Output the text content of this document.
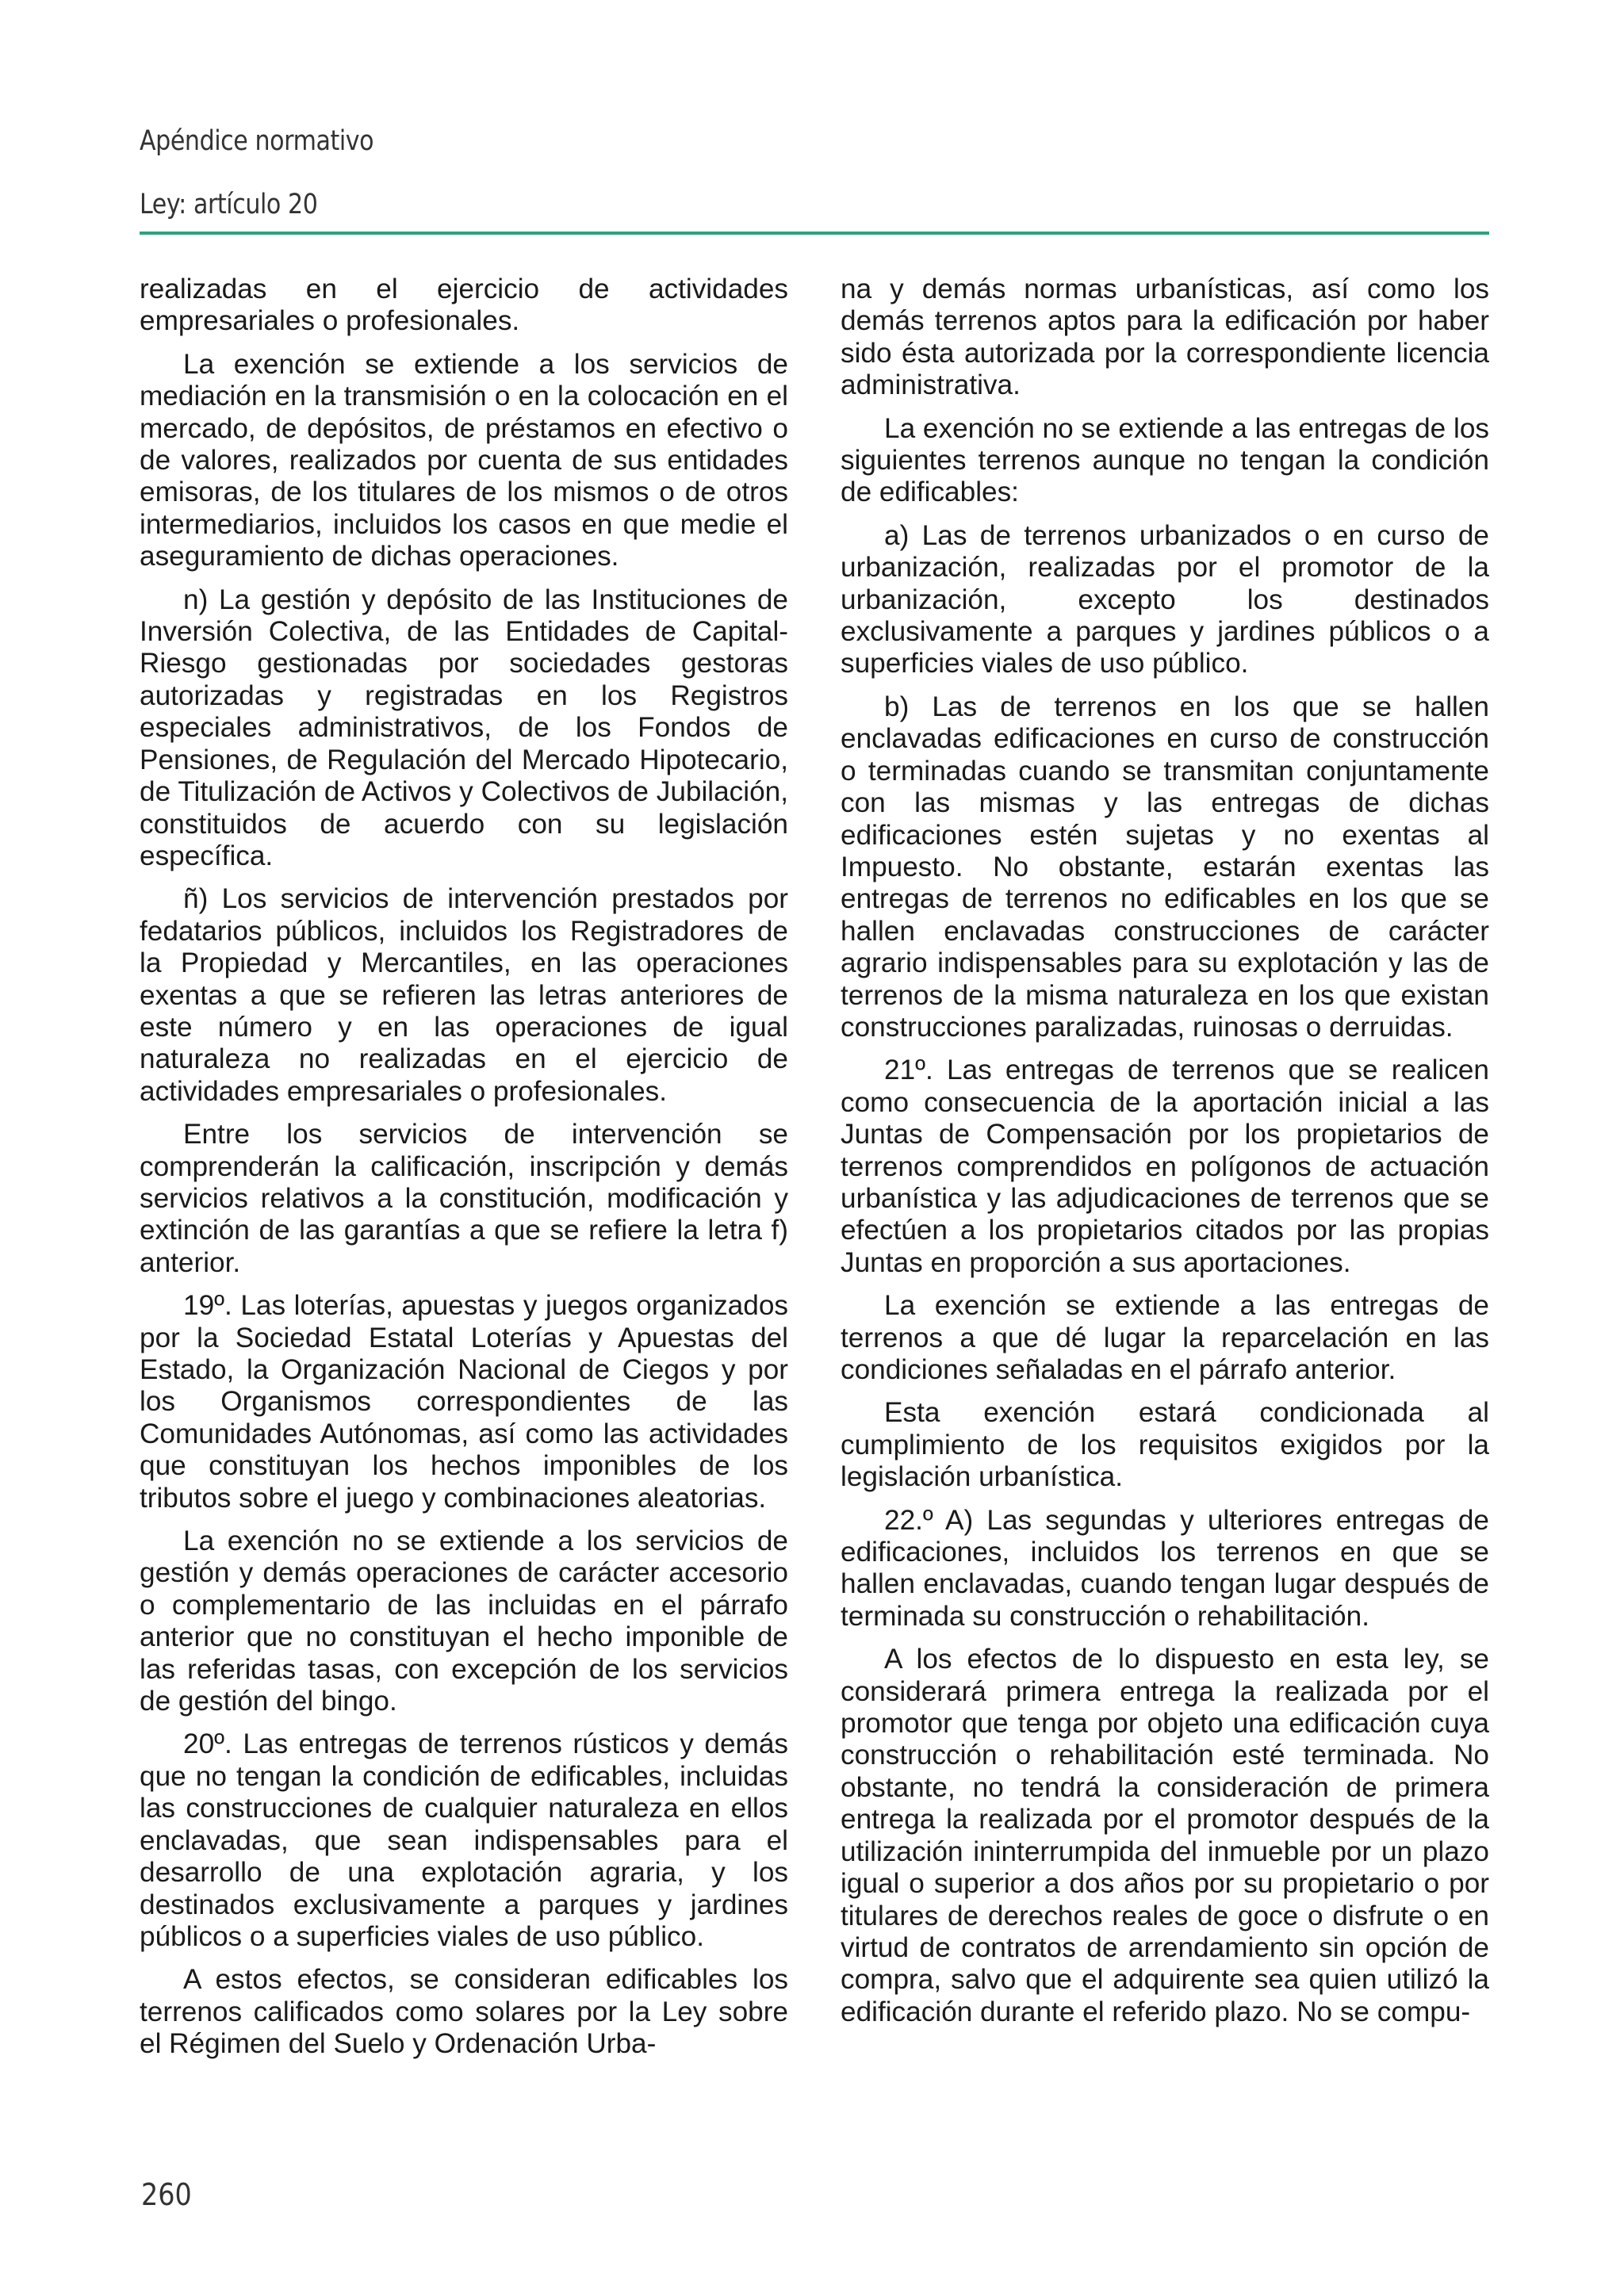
Apéndice normativo
Ley: artículo 20

realizadas en el ejercicio de actividades empresariales o profesionales.

La exención se extiende a los servicios de mediación en la transmisión o en la colocación en el mercado, de depósitos, de préstamos en efectivo o de valores, realizados por cuenta de sus entidades emisoras, de los titulares de los mismos o de otros intermediarios, incluidos los casos en que medie el aseguramiento de dichas operaciones.

n) La gestión y depósito de las Instituciones de Inversión Colectiva, de las Entidades de Capital-Riesgo gestionadas por sociedades gestoras autorizadas y registradas en los Registros especiales administrativos, de los Fondos de Pensiones, de Regulación del Mercado Hipotecario, de Titulización de Activos y Colectivos de Jubilación, constituidos de acuerdo con su legislación específica.

ñ) Los servicios de intervención prestados por fedatarios públicos, incluidos los Registradores de la Propiedad y Mercantiles, en las operaciones exentas a que se refieren las letras anteriores de este número y en las operaciones de igual naturaleza no realizadas en el ejercicio de actividades empresariales o profesionales.

Entre los servicios de intervención se comprenderán la calificación, inscripción y demás servicios relativos a la constitución, modificación y extinción de las garantías a que se refiere la letra f) anterior.

19º. Las loterías, apuestas y juegos organizados por la Sociedad Estatal Loterías y Apuestas del Estado, la Organización Nacional de Ciegos y por los Organismos correspondientes de las Comunidades Autónomas, así como las actividades que constituyan los hechos imponibles de los tributos sobre el juego y combinaciones aleatorias.

La exención no se extiende a los servicios de gestión y demás operaciones de carácter accesorio o complementario de las incluidas en el párrafo anterior que no constituyan el hecho imponible de las referidas tasas, con excepción de los servicios de gestión del bingo.

20º. Las entregas de terrenos rústicos y demás que no tengan la condición de edificables, incluidas las construcciones de cualquier naturaleza en ellos enclavadas, que sean indispensables para el desarrollo de una explotación agraria, y los destinados exclusivamente a parques y jardines públicos o a superficies viales de uso público.

A estos efectos, se consideran edificables los terrenos calificados como solares por la Ley sobre el Régimen del Suelo y Ordenación Urba-

na y demás normas urbanísticas, así como los demás terrenos aptos para la edificación por haber sido ésta autorizada por la correspondiente licencia administrativa.

La exención no se extiende a las entregas de los siguientes terrenos aunque no tengan la condición de edificables:

a) Las de terrenos urbanizados o en curso de urbanización, realizadas por el promotor de la urbanización, excepto los destinados exclusivamente a parques y jardines públicos o a superficies viales de uso público.

b) Las de terrenos en los que se hallen enclavadas edificaciones en curso de construcción o terminadas cuando se transmitan conjuntamente con las mismas y las entregas de dichas edificaciones estén sujetas y no exentas al Impuesto. No obstante, estarán exentas las entregas de terrenos no edificables en los que se hallen enclavadas construcciones de carácter agrario indispensables para su explotación y las de terrenos de la misma naturaleza en los que existan construcciones paralizadas, ruinosas o derruidas.

21º. Las entregas de terrenos que se realicen como consecuencia de la aportación inicial a las Juntas de Compensación por los propietarios de terrenos comprendidos en polígonos de actuación urbanística y las adjudicaciones de terrenos que se efectúen a los propietarios citados por las propias Juntas en proporción a sus aportaciones.

La exención se extiende a las entregas de terrenos a que dé lugar la reparcelación en las condiciones señaladas en el párrafo anterior.

Esta exención estará condicionada al cumplimiento de los requisitos exigidos por la legislación urbanística.

22.º A) Las segundas y ulteriores entregas de edificaciones, incluidos los terrenos en que se hallen enclavadas, cuando tengan lugar después de terminada su construcción o rehabilitación.

A los efectos de lo dispuesto en esta ley, se considerará primera entrega la realizada por el promotor que tenga por objeto una edificación cuya construcción o rehabilitación esté terminada. No obstante, no tendrá la consideración de primera entrega la realizada por el promotor después de la utilización ininterrumpida del inmueble por un plazo igual o superior a dos años por su propietario o por titulares de derechos reales de goce o disfrute o en virtud de contratos de arrendamiento sin opción de compra, salvo que el adquirente sea quien utilizó la edificación durante el referido plazo. No se compu-

260
